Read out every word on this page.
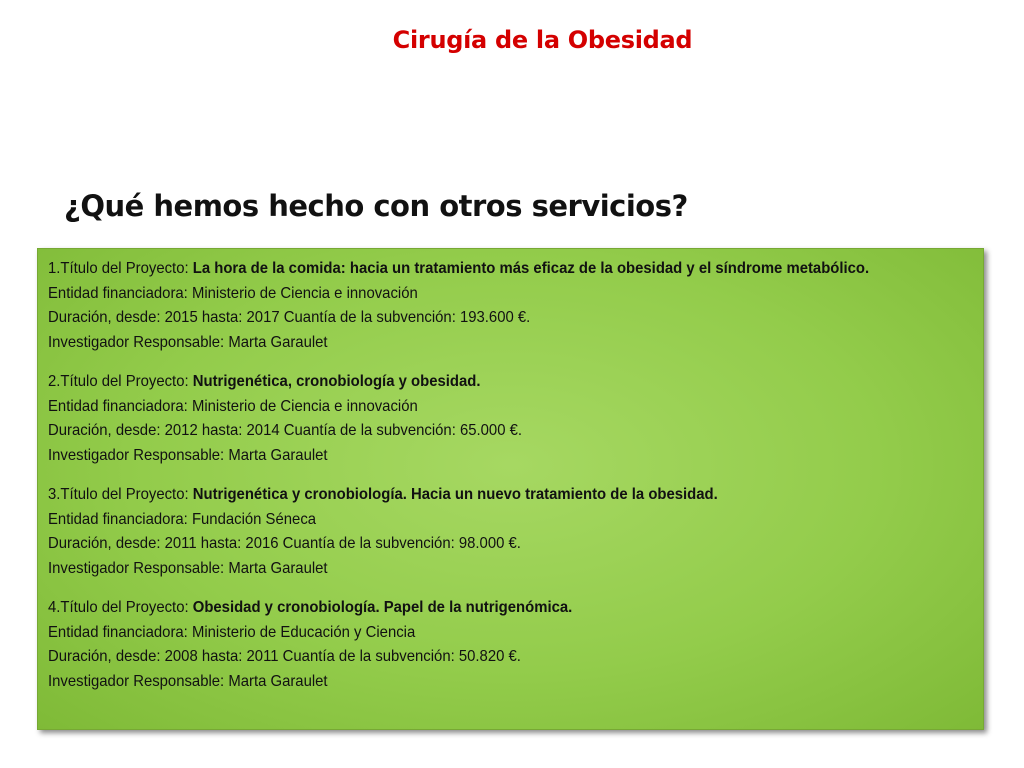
Cirugía de la Obesidad
¿Qué hemos hecho con otros servicios?
1.Título del Proyecto: La hora de la comida: hacia un tratamiento más eficaz de la obesidad y el síndrome metabólico.
Entidad financiadora: Ministerio de Ciencia e innovación
Duración, desde: 2015 hasta: 2017 Cuantía de la subvención: 193.600 €.
Investigador Responsable: Marta Garaulet
2.Título del Proyecto: Nutrigenética, cronobiología y obesidad.
Entidad financiadora: Ministerio de Ciencia e innovación
Duración, desde: 2012 hasta: 2014 Cuantía de la subvención: 65.000 €.
Investigador Responsable: Marta Garaulet
3.Título del Proyecto: Nutrigenética y cronobiología. Hacia un nuevo tratamiento de la obesidad.
Entidad financiadora: Fundación Séneca
Duración, desde: 2011 hasta: 2016 Cuantía de la subvención: 98.000 €.
Investigador Responsable: Marta Garaulet
4.Título del Proyecto: Obesidad y cronobiología. Papel de la nutrigenómica.
Entidad financiadora: Ministerio de Educación y Ciencia
Duración, desde: 2008 hasta: 2011 Cuantía de la subvención: 50.820 €.
Investigador Responsable: Marta Garaulet
